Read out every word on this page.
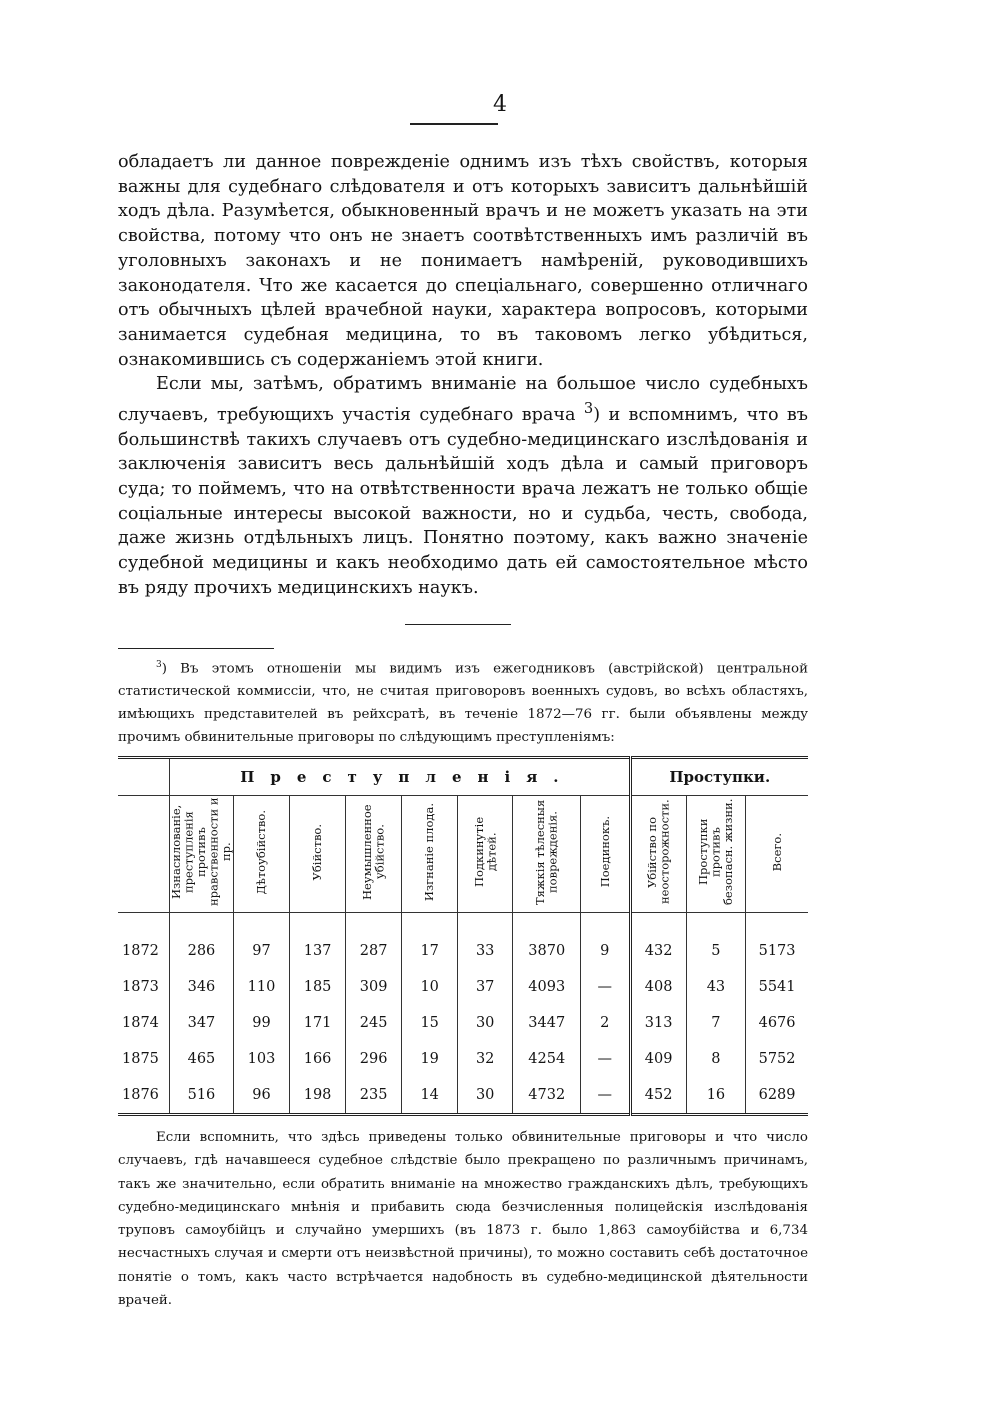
4

обладаетъ ли данное поврежденіе однимъ изъ тѣхъ свойствъ, которыя важны для судебнаго слѣдователя и отъ которыхъ зависитъ дальнѣйшій ходъ дѣла. Разумѣется, обыкновенный врачъ и не можетъ указать на эти свойства, потому что онъ не знаетъ соотвѣтственныхъ имъ различій въ уголовныхъ законахъ и не понимаетъ намѣреній, руководившихъ законодателя. Что же касается до спеціальнаго, совершенно отличнаго отъ обычныхъ цѣлей врачебной науки, характера вопросовъ, которыми занимается судебная медицина, то въ таковомъ легко убѣдиться, ознакомившись съ содержаніемъ этой книги.

Если мы, затѣмъ, обратимъ вниманіе на большое число судебныхъ случаевъ, требующихъ участія судебнаго врача $^3$) и вспомнимъ, что въ большинствѣ такихъ случаевъ отъ судебно-медицинскаго изслѣдованія и заключенія зависитъ весь дальнѣйшій ходъ дѣла и самый приговоръ суда; то поймемъ, что на отвѣтственности врача лежатъ не только общіе соціальные интересы высокой важности, но и судьба, честь, свобода, даже жизнь отдѣльныхъ лицъ. Понятно поэтому, какъ важно значеніе судебной медицины и какъ необходимо дать ей самостоятельное мѣсто въ ряду прочихъ медицинскихъ наукъ.

$^3$) Въ этомъ отношеніи мы видимъ изъ ежегодниковъ (австрійской) центральной статистической коммиссіи, что, не считая приговоровъ военныхъ судовъ, во всѣхъ областяхъ, имѣющихъ представителей въ рейхсратѣ, въ теченіе 1872—76 гг. были объявлены между прочимъ обвинительные приговоры по слѣдующимъ преступленіямъ:
	Преступленія.								Проступки.		
	Изнасилованіе, преступленія противъ нравственности и пр.	Дѣтоубійство.	Убійство.	Неумышленное убійство.	Изгнаніе плода.	Подкинутіе дѣтей.	Тяжкія тѣлесныя поврежденія.	Поединокъ.	Убійство по неосторожности.	Проступки противъ безопасн. жизни.	Всего.
1872	286	97	137	287	17	33	3870	9	432	5	5173
1873	346	110	185	309	10	37	4093	—	408	43	5541
1874	347	99	171	245	15	30	3447	2	313	7	4676
1875	465	103	166	296	19	32	4254	—	409	8	5752
1876	516	96	198	235	14	30	4732	—	452	16	6289
Если вспомнить, что здѣсь приведены только обвинительные приговоры и что число случаевъ, гдѣ начавшееся судебное слѣдствіе было прекращено по различнымъ причинамъ, такъ же значительно, если обратить вниманіе на множество гражданскихъ дѣлъ, требующихъ судебно-медицинскаго мнѣнія и прибавить сюда безчисленныя полицейскія изслѣдованія труповъ самоубійцъ и случайно умершихъ (въ 1873 г. было 1,863 самоубійства и 6,734 несчастныхъ случая и смерти отъ неизвѣстной причины), то можно составить себѣ достаточное понятіе о томъ, какъ часто встрѣчается надобность въ судебно-медицинской дѣятельности врачей.
